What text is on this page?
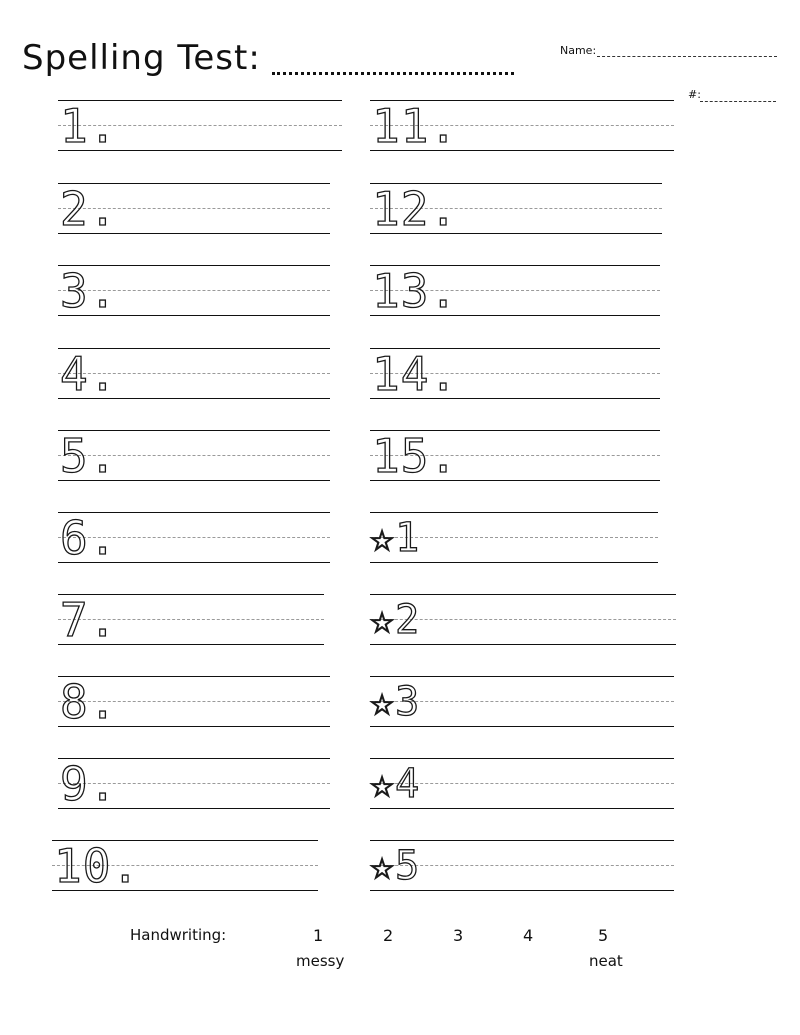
Spelling Test:	Name:
#:
1.
2.
3.
4.
5.
6.
7.
8.
9.
10.
11.
12.
13.
14.
15.
☆1
☆2
☆3
☆4
☆5
Handwriting:	1	2	3	4	5
messy	neat
